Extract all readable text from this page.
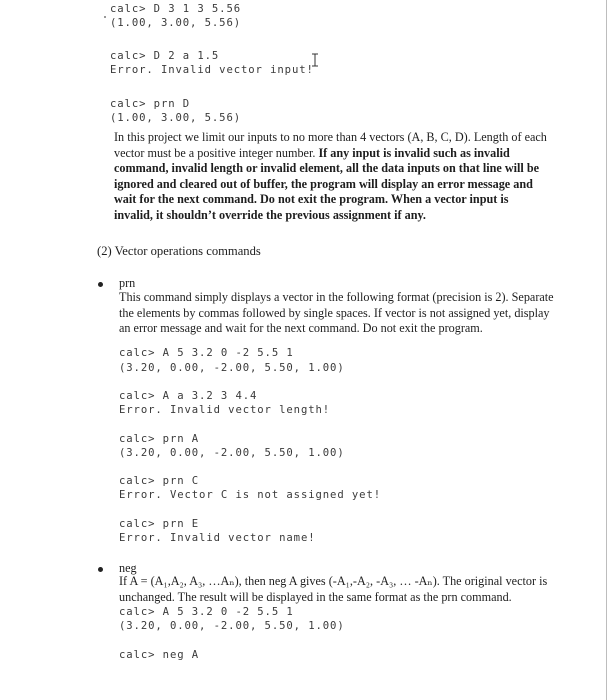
calc> D 3 1 3 5.56
(1.00, 3.00, 5.56)
calc> D 2 a 1.5
Error. Invalid vector input!
calc> prn D
(1.00, 3.00, 5.56)
In this project we limit our inputs to no more than 4 vectors (A, B, C, D). Length of each vector must be a positive integer number. If any input is invalid such as invalid command, invalid length or invalid element, all the data inputs on that line will be ignored and cleared out of buffer, the program will display an error message and wait for the next command. Do not exit the program. When a vector input is invalid, it shouldn’t override the previous assignment if any.
(2) Vector operations commands
prn
This command simply displays a vector in the following format (precision is 2). Separate the elements by commas followed by single spaces. If vector is not assigned yet, display an error message and wait for the next command. Do not exit the program.
calc> A 5 3.2 0 -2 5.5 1
(3.20, 0.00, -2.00, 5.50, 1.00)
calc> A a 3.2 3 4.4
Error. Invalid vector length!
calc> prn A
(3.20, 0.00, -2.00, 5.50, 1.00)
calc> prn C
Error. Vector C is not assigned yet!
calc> prn E
Error. Invalid vector name!
neg
If A = (A₁,A₂, A₃, …Aₙ), then neg A gives (-A₁,-A₂, -A₃, … -Aₙ). The original vector is unchanged. The result will be displayed in the same format as the prn command.
calc> A 5 3.2 0 -2 5.5 1
(3.20, 0.00, -2.00, 5.50, 1.00)
calc> neg A
